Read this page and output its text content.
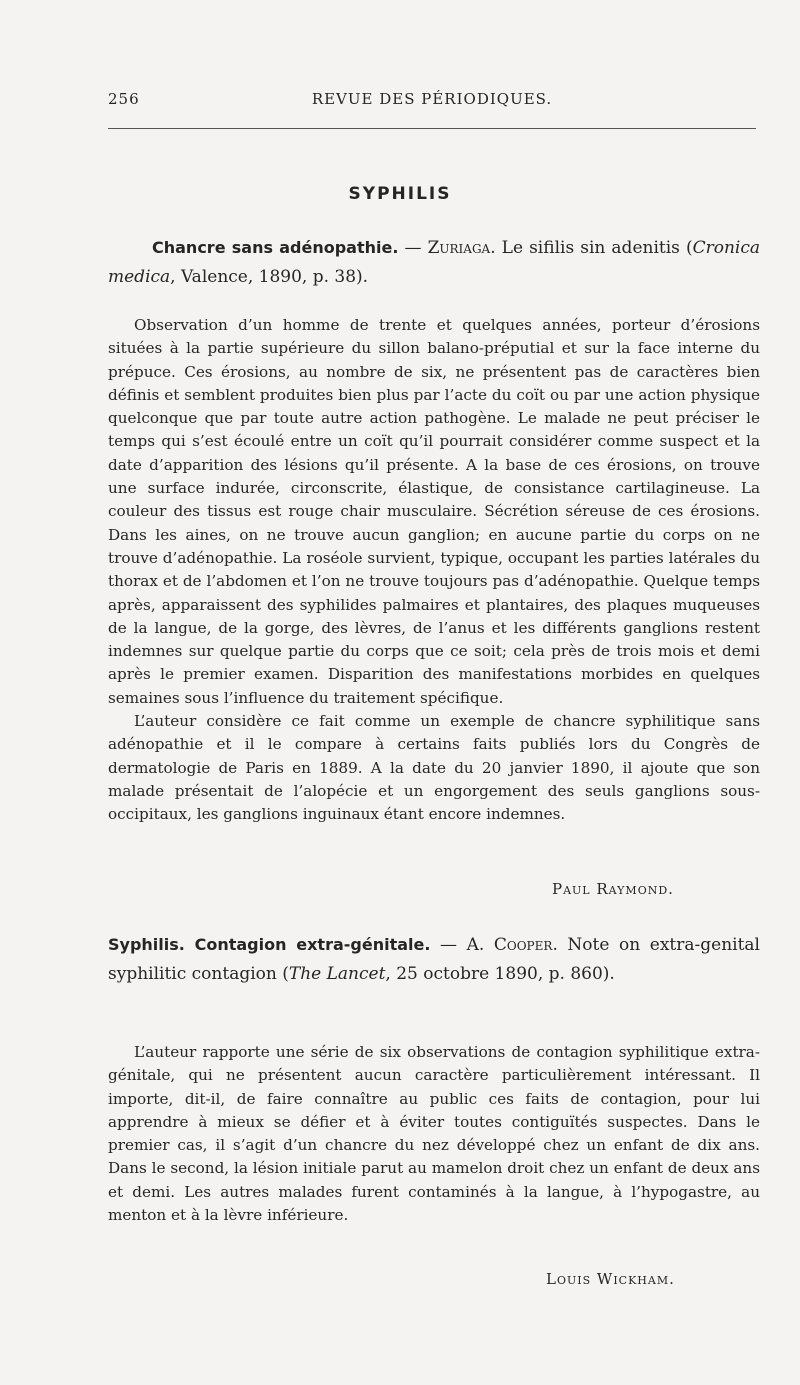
256	REVUE DES PÉRIODIQUES.
SYPHILIS
Chancre sans adénopathie. — Zuriaga. Le sifilis sin adenitis (Cronica medica, Valence, 1890, p. 38).

Observation d’un homme de trente et quelques années, porteur d’érosions situées à la partie supérieure du sillon balano-préputial et sur la face interne du prépuce. Ces érosions, au nombre de six, ne présentent pas de caractères bien définis et semblent produites bien plus par l’acte du coït ou par une action physique quelconque que par toute autre action pathogène. Le malade ne peut préciser le temps qui s’est écoulé entre un coït qu’il pourrait considérer comme suspect et la date d’apparition des lésions qu’il présente. A la base de ces érosions, on trouve une surface indurée, circonscrite, élastique, de consistance cartilagineuse. La couleur des tissus est rouge chair musculaire. Sécrétion séreuse de ces érosions. Dans les aines, on ne trouve aucun ganglion; en aucune partie du corps on ne trouve d’adénopathie. La roséole survient, typique, occupant les parties latérales du thorax et de l’abdomen et l’on ne trouve toujours pas d’adénopathie. Quelque temps après, apparaissent des syphilides palmaires et plantaires, des plaques muqueuses de la langue, de la gorge, des lèvres, de l’anus et les différents ganglions restent indemnes sur quelque partie du corps que ce soit; cela près de trois mois et demi après le premier examen. Disparition des manifestations morbides en quelques semaines sous l’influence du traitement spécifique.

L’auteur considère ce fait comme un exemple de chancre syphilitique sans adénopathie et il le compare à certains faits publiés lors du Congrès de dermatologie de Paris en 1889. A la date du 20 janvier 1890, il ajoute que son malade présentait de l’alopécie et un engorgement des seuls ganglions sous-occipitaux, les ganglions inguinaux étant encore indemnes.

Paul Raymond.
Syphilis. Contagion extra-génitale. — A. Cooper. Note on extra-genital syphilitic contagion (The Lancet, 25 octobre 1890, p. 860).

L’auteur rapporte une série de six observations de contagion syphilitique extra-génitale, qui ne présentent aucun caractère particulièrement intéressant. Il importe, dit-il, de faire connaître au public ces faits de contagion, pour lui apprendre à mieux se défier et à éviter toutes contiguïtés suspectes. Dans le premier cas, il s’agit d’un chancre du nez développé chez un enfant de dix ans. Dans le second, la lésion initiale parut au mamelon droit chez un enfant de deux ans et demi. Les autres malades furent contaminés à la langue, à l’hypogastre, au menton et à la lèvre inférieure.

Louis Wickham.
